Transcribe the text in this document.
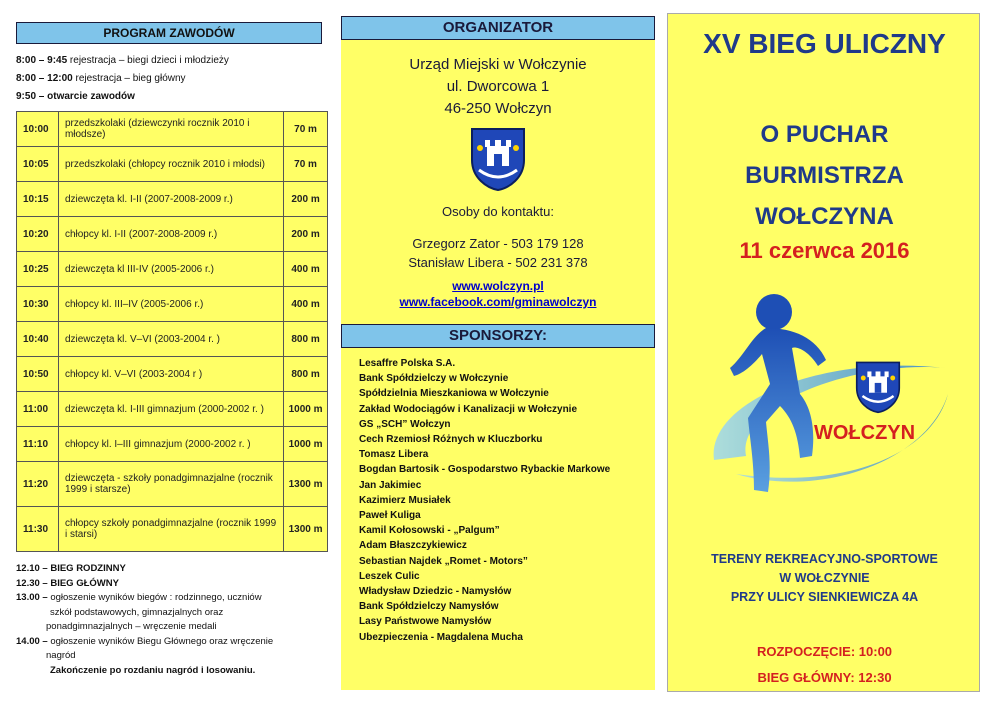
PROGRAM ZAWODÓW
8:00 – 9:45 rejestracja – biegi dzieci i młodzieży
8:00 – 12:00 rejestracja – bieg główny
9:50 – otwarcie zawodów
10:00	przedszkolaki (dziewczynki rocznik 2010 i młodsze)	70 m
10:05	przedszkolaki (chłopcy rocznik 2010 i młodsi)	70 m
10:15	dziewczęta kl. I-II (2007-2008-2009 r.)	200 m
10:20	chłopcy kl. I-II (2007-2008-2009 r.)	200 m
10:25	dziewczęta kl III-IV (2005-2006 r.)	400 m
10:30	chłopcy kl. III–IV (2005-2006 r.)	400 m
10:40	dziewczęta kl. V–VI (2003-2004 r. )	800 m
10:50	chłopcy kl. V–VI (2003-2004 r )	800 m
11:00	dziewczęta kl. I-III gimnazjum (2000-2002 r. )	1000 m
11:10	chłopcy kl. I–III gimnazjum (2000-2002 r. )	1000 m
11:20	dziewczęta - szkoły ponadgimnazjalne (rocznik 1999 i starsze)	1300 m
11:30	chłopcy szkoły ponadgimnazjalne (rocznik 1999 i starsi)	1300 m
12.10 – BIEG RODZINNY
12.30 – BIEG GŁÓWNY
13.00 – ogłoszenie wyników biegów : rodzinnego, uczniów
szkół podstawowych, gimnazjalnych oraz
ponadgimnazjalnych – wręczenie medali
14.00 – ogłoszenie wyników Biegu Głównego oraz wręczenie
nagród
Zakończenie po rozdaniu nagród i losowaniu.
ORGANIZATOR
Urząd Miejski w Wołczynie
ul. Dworcowa 1
46-250 Wołczyn
Osoby do kontaktu:
Grzegorz Zator - 503 179 128
Stanisław Libera - 502 231 378
www.wolczyn.pl
www.facebook.com/gminawolczyn
SPONSORZY:
Lesaffre Polska S.A.
Bank Spółdzielczy w Wołczynie
Spółdzielnia Mieszkaniowa w Wołczynie
Zakład Wodociągów i Kanalizacji w Wołczynie
GS „SCH” Wołczyn
Cech Rzemiosł Różnych w Kluczborku
Tomasz Libera
Bogdan Bartosik - Gospodarstwo Rybackie Markowe
Jan Jakimiec
Kazimierz Musiałek
Paweł Kuliga
Kamil Kołosowski - „Palgum”
Adam Błaszczykiewicz
Sebastian Najdek „Romet - Motors”
Leszek Culic
Władysław Dziedzic - Namysłów
Bank Spółdzielczy Namysłów
Lasy Państwowe Namysłów
Ubezpieczenia - Magdalena Mucha
XV BIEG ULICZNY
O PUCHAR
BURMISTRZA
WOŁCZYNA
11 czerwca 2016
WOŁCZYN
TERENY REKREACYJNO-SPORTOWE
W WOŁCZYNIE
PRZY ULICY SIENKIEWICZA 4A
ROZPOCZĘCIE: 10:00
BIEG GŁÓWNY: 12:30
